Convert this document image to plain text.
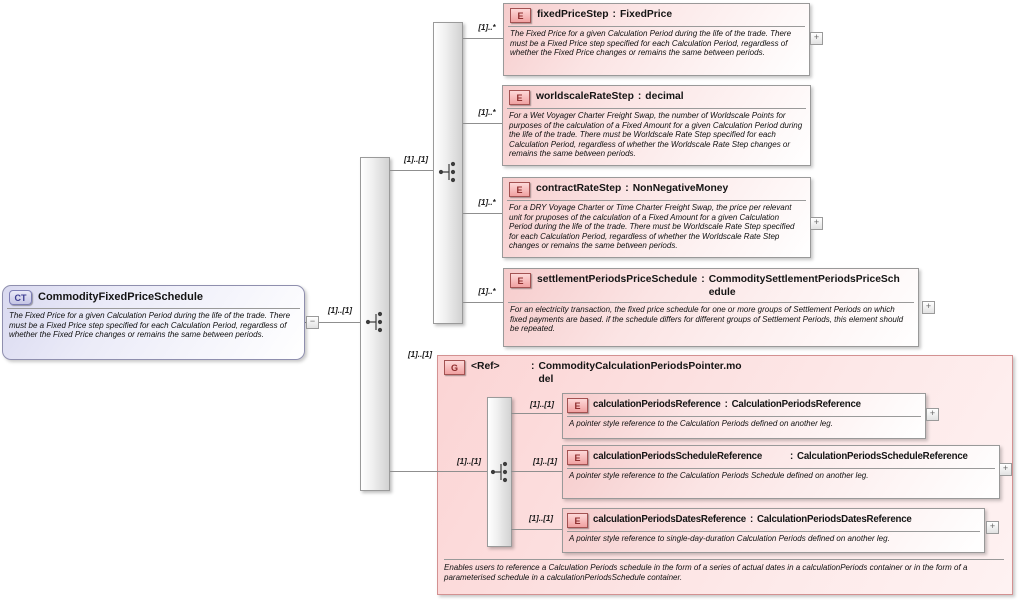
G	<Ref>	: CommodityCalculationPeriodsPointer.model
Enables users to reference a Calculation Periods schedule in the form of a series of actual dates in a calculationPeriods container or in the form of a parameterised schedule in a calculationPeriodsSchedule container.
[1]..[1]
[1]..[1]
[1]..*
[1]..*
[1]..*
[1]..*
[1]..[1]
[1]..[1]
[1]..[1]
[1]..[1]
[1]..[1]
CT	CommodityFixedPriceSchedule
The Fixed Price for a given Calculation Period during the life of the trade. There must be a Fixed Price step specified for each Calculation Period, regardless of whether the Fixed Price changes or remains the same between periods.
−
E	fixedPriceStep : FixedPrice
The Fixed Price for a given Calculation Period during the life of the trade. There must be a Fixed Price step specified for each Calculation Period, regardless of whether the Fixed Price changes or remains the same between periods.
+
E	worldscaleRateStep : decimal
For a Wet Voyager Charter Freight Swap, the number of Worldscale Points for purposes of the calculation of a Fixed Amount for a given Calculation Period during the life of the trade. There must be Worldscale Rate Step specified for each Calculation Period, regardless of whether the Worldscale Rate Step changes or remains the same between periods.
E	contractRateStep : NonNegativeMoney
For a DRY Voyage Charter or Time Charter Freight Swap, the price per relevant unit for pruposes of the calculation of a Fixed Amount for a given Calculation Period during the life of the trade. There must be Worldscale Rate Step specified for each Calculation Period, regardless of whether the Worldscale Rate Step changes or remains the same between periods.
+
E	settlementPeriodsPriceSchedule : CommoditySettlementPeriodsPriceSchedule
For an electricity transaction, the fixed price schedule for one or more groups of Settlement Periods on which fixed payments are based. if the schedule differs for different groups of Settlement Periods, this element should be repeated.
+
E	calculationPeriodsReference : CalculationPeriodsReference
A pointer style reference to the Calculation Periods defined on another leg.
+
E	calculationPeriodsScheduleReference	: CalculationPeriodsScheduleReference
A pointer style reference to the Calculation Periods Schedule defined on another leg.
+
E	calculationPeriodsDatesReference : CalculationPeriodsDatesReference
A pointer style reference to single-day-duration Calculation Periods defined on another leg.
+
